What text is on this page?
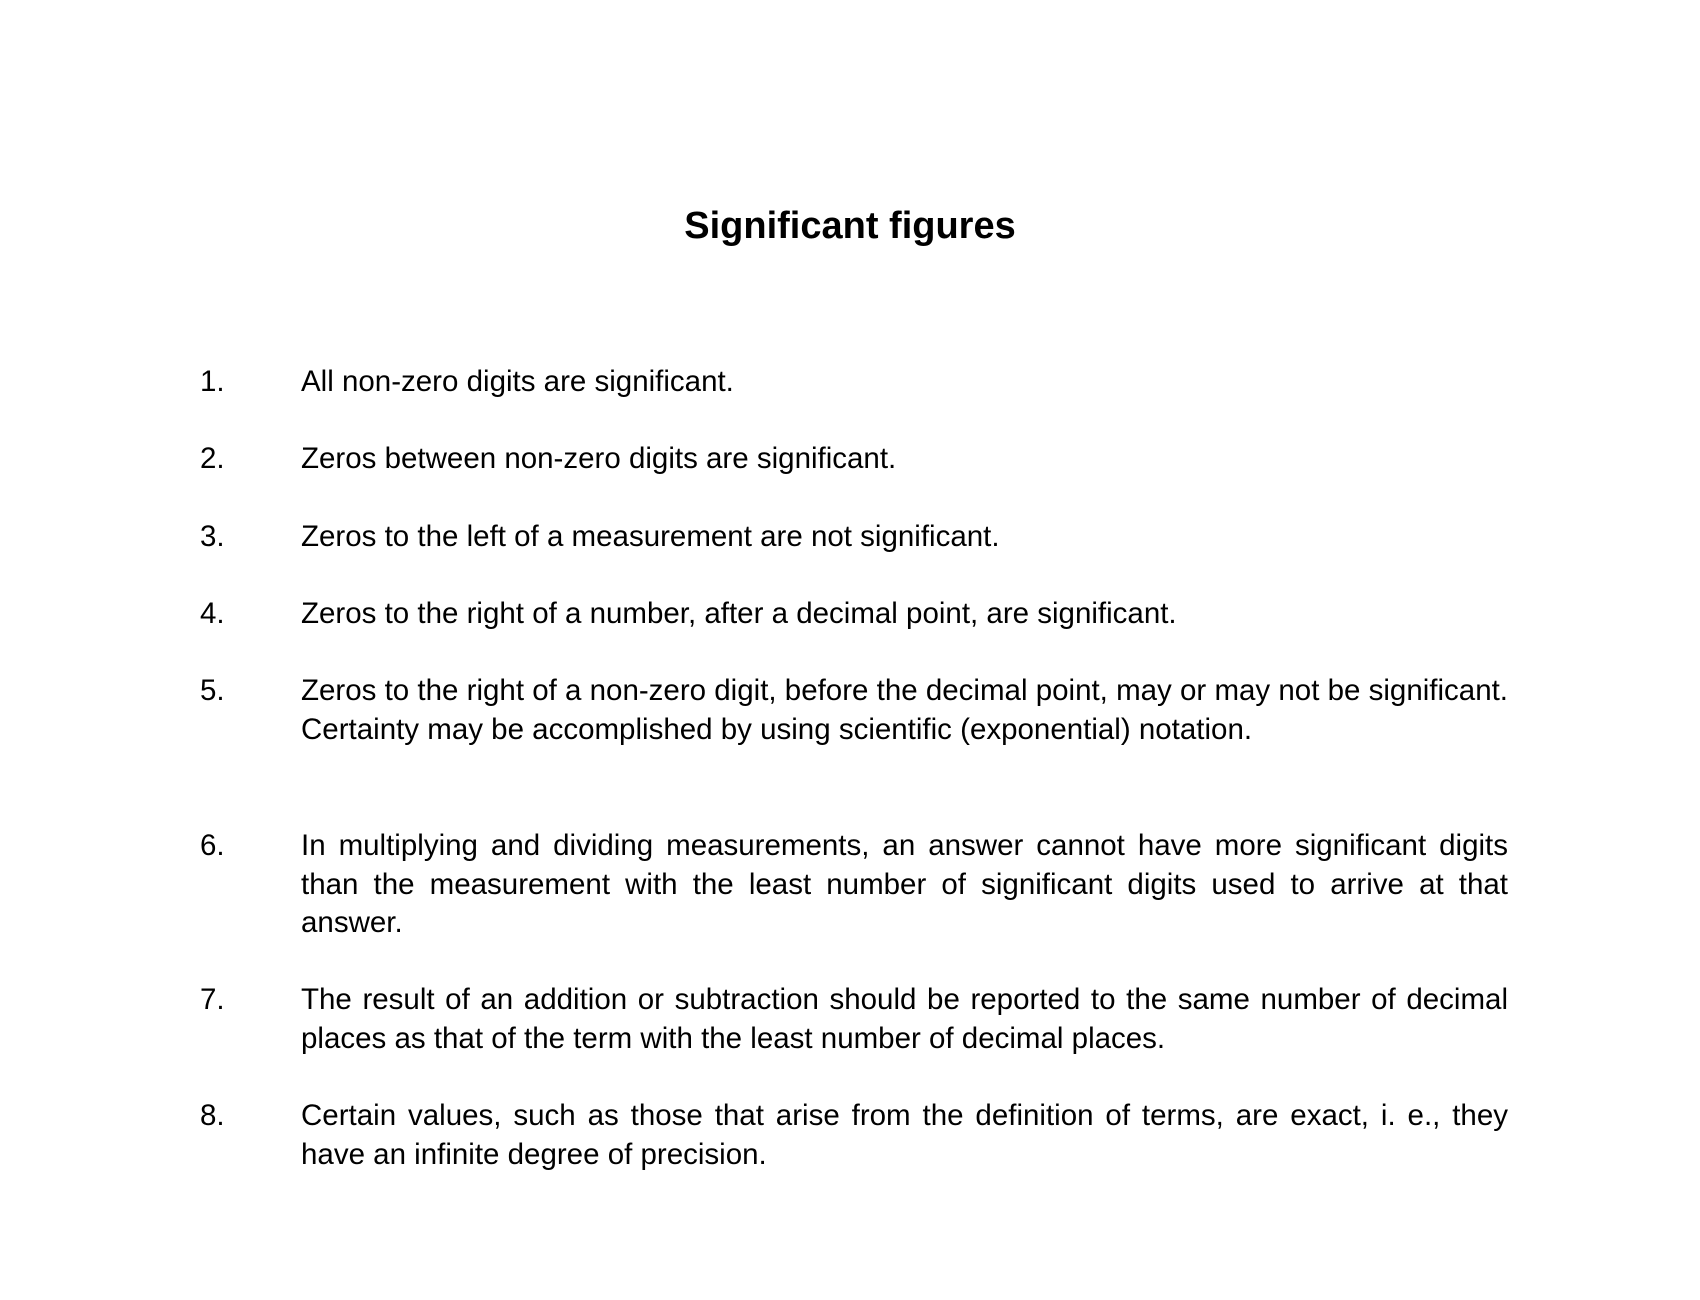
Significant figures
1.	All non-zero digits are significant.
2.	Zeros between non-zero digits are significant.
3.	Zeros to the left of a measurement are not significant.
4.	Zeros to the right of a number, after a decimal point, are significant.
5.	Zeros to the right of a non-zero digit, before the decimal point, may or may not be significant. Certainty may be accomplished by using scientific (exponential) notation.
6.	In multiplying and dividing measurements, an answer cannot have more significant digits than the measurement with the least number of significant digits used to arrive at that answer.
7.	The result of an addition or subtraction should be reported to the same number of decimal places as that of the term with the least number of decimal places.
8.	Certain values, such as those that arise from the definition of terms, are exact, i. e., they have an infinite degree of precision.
